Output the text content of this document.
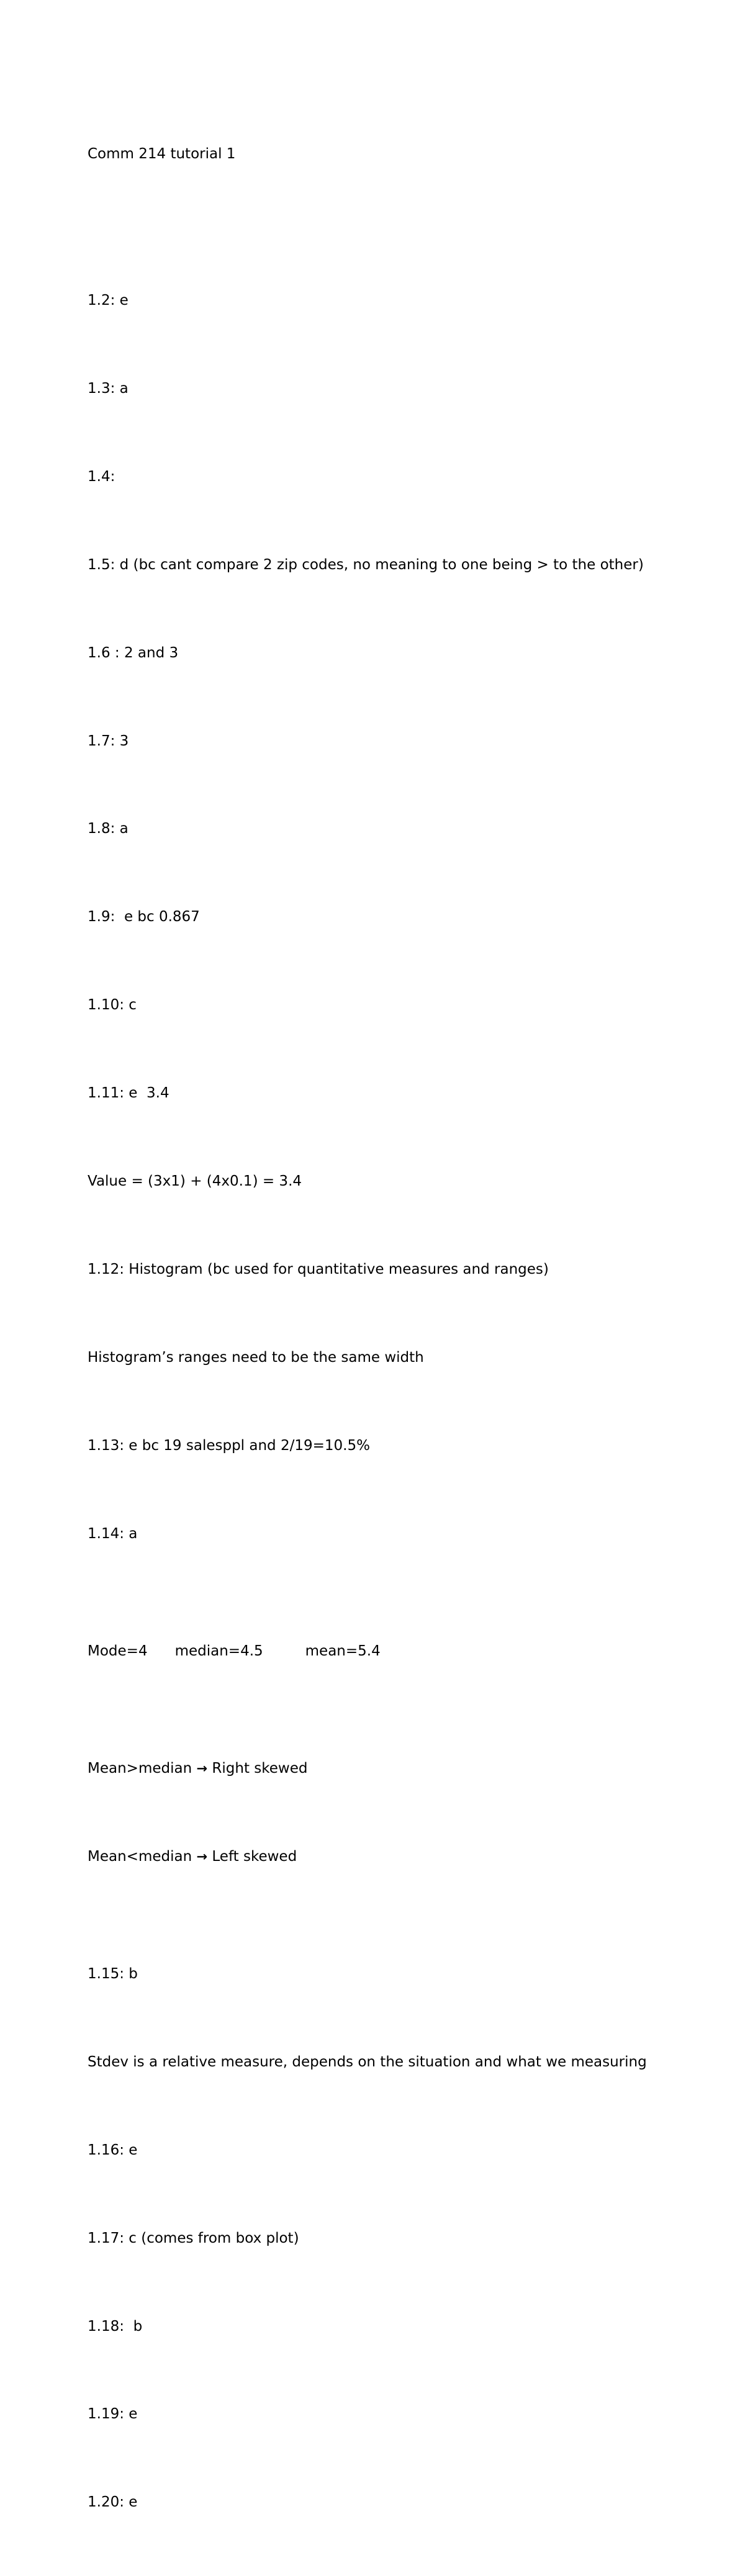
Comm 214 tutorial 1

1.2: e

1.3: a

1.4:

1.5: d (bc cant compare 2 zip codes, no meaning to one being > to the other)

1.6 : 2 and 3

1.7: 3

1.8: a

1.9:  e bc 0.867

1.10: c

1.11: e  3.4

Value = (3x1) + (4x0.1) = 3.4

1.12: Histogram (bc used for quantitative measures and ranges)

Histogram’s ranges need to be the same width

1.13: e bc 19 salesppl and 2/19=10.5%

1.14: a

Mode=4 median=4.5	mean=5.4

Mean>median → Right skewed

Mean<median → Left skewed

1.15: b

Stdev is a relative measure, depends on the situation and what we measuring

1.16: e

1.17: c (comes from box plot)

1.18:  b

1.19: e

1.20: e
